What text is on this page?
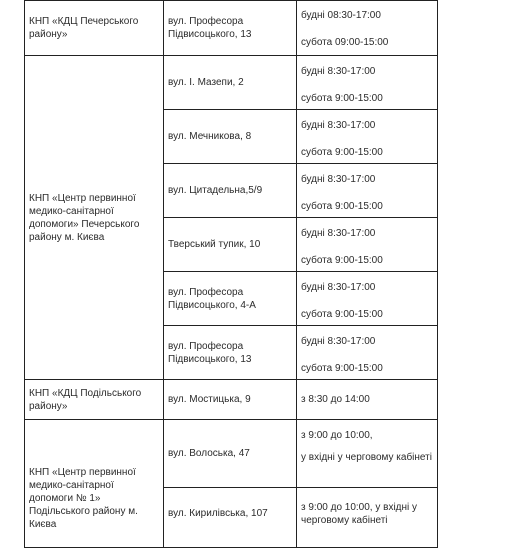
КНП «КДЦ Печерського району»	вул. Професора Підвисоцького, 13	будні 08:30-17:00

субота 09:00-15:00

КНП «Центр первинної медико-санітарної допомоги» Печерського району м. Києва	вул. І. Мазепи, 2	будні 8:30-17:00

субота 9:00-15:00

	вул. Мечникова, 8	будні 8:30-17:00

субота 9:00-15:00

	вул. Цитадельна,5/9	будні 8:30-17:00

субота 9:00-15:00

	Тверський тупик, 10	будні 8:30-17:00

субота 9:00-15:00

	вул. Професора Підвисоцького, 4-А	будні 8:30-17:00

субота 9:00-15:00

	вул. Професора Підвисоцького, 13	будні 8:30-17:00

субота 9:00-15:00

КНП «КДЦ Подільського району»	вул. Мостицька, 9	з 8:30 до 14:00
КНП «Центр первинної медико-санітарної допомоги № 1» Подільського району м. Києва	вул. Волоська, 47	з 9:00 до 10:00,

у вхідні у черговому кабінеті

	вул. Кирилівська, 107	з 9:00 до 10:00, у вхідні у черговому кабінеті
